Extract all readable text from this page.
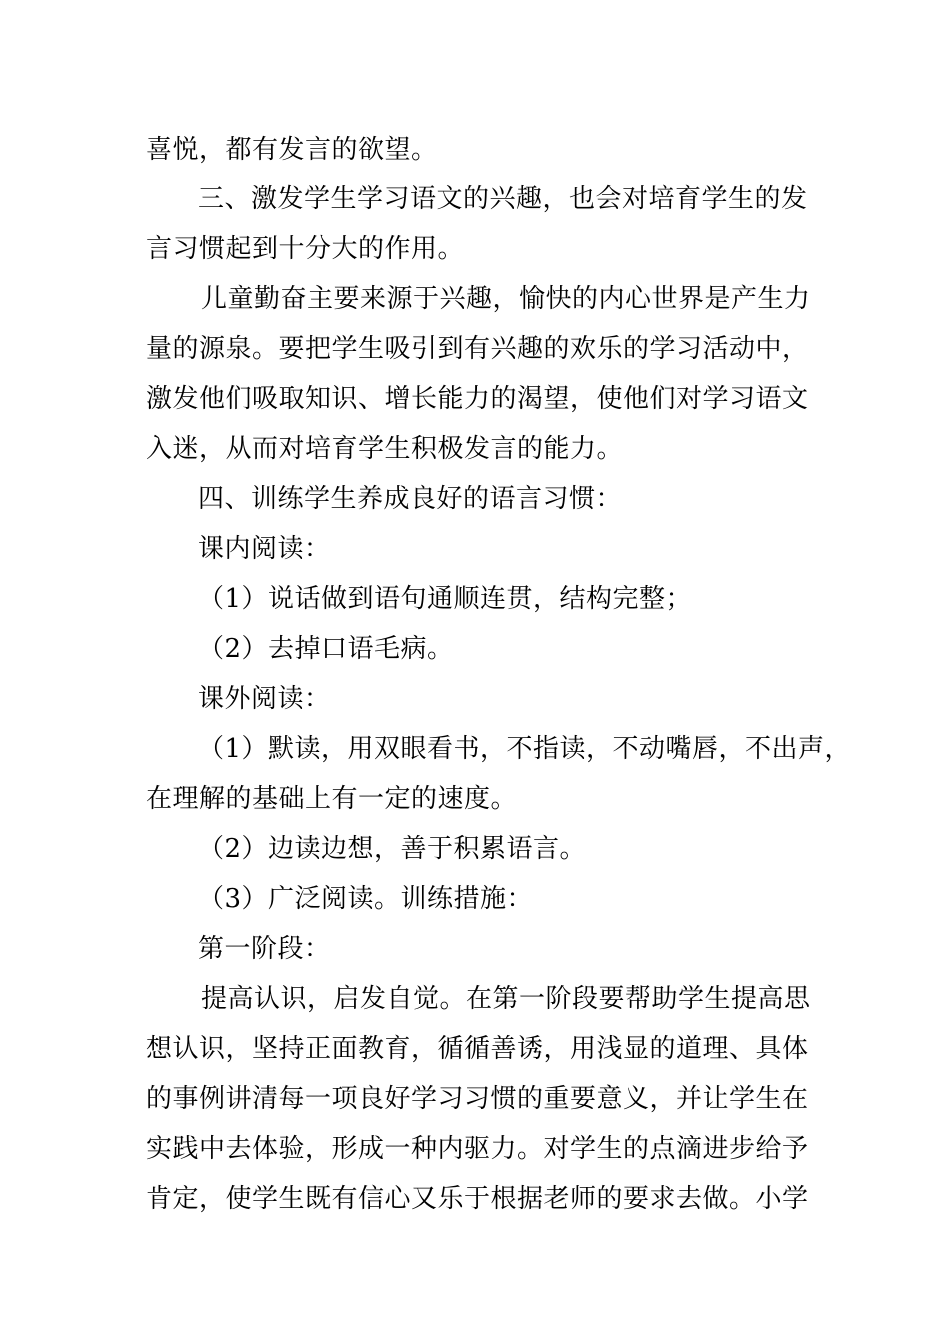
喜悦，都有发言的欲望。
三、激发学生学习语文的兴趣，也会对培育学生的发
言习惯起到十分大的作用。
儿童勤奋主要来源于兴趣，愉快的内心世界是产生力
量的源泉。要把学生吸引到有兴趣的欢乐的学习活动中，
激发他们吸取知识、增长能力的渴望，使他们对学习语文
入迷，从而对培育学生积极发言的能力。
四、训练学生养成良好的语言习惯：
课内阅读：
（1）说话做到语句通顺连贯，结构完整；
（2）去掉口语毛病。
课外阅读：
（1）默读，用双眼看书，不指读，不动嘴唇，不出声，
在理解的基础上有一定的速度。
（2）边读边想，善于积累语言。
（3）广泛阅读。训练措施：
第一阶段：
提高认识，启发自觉。在第一阶段要帮助学生提高思
想认识，坚持正面教育，循循善诱，用浅显的道理、具体
的事例讲清每一项良好学习习惯的重要意义，并让学生在
实践中去体验，形成一种内驱力。对学生的点滴进步给予
肯定，使学生既有信心又乐于根据老师的要求去做。小学
